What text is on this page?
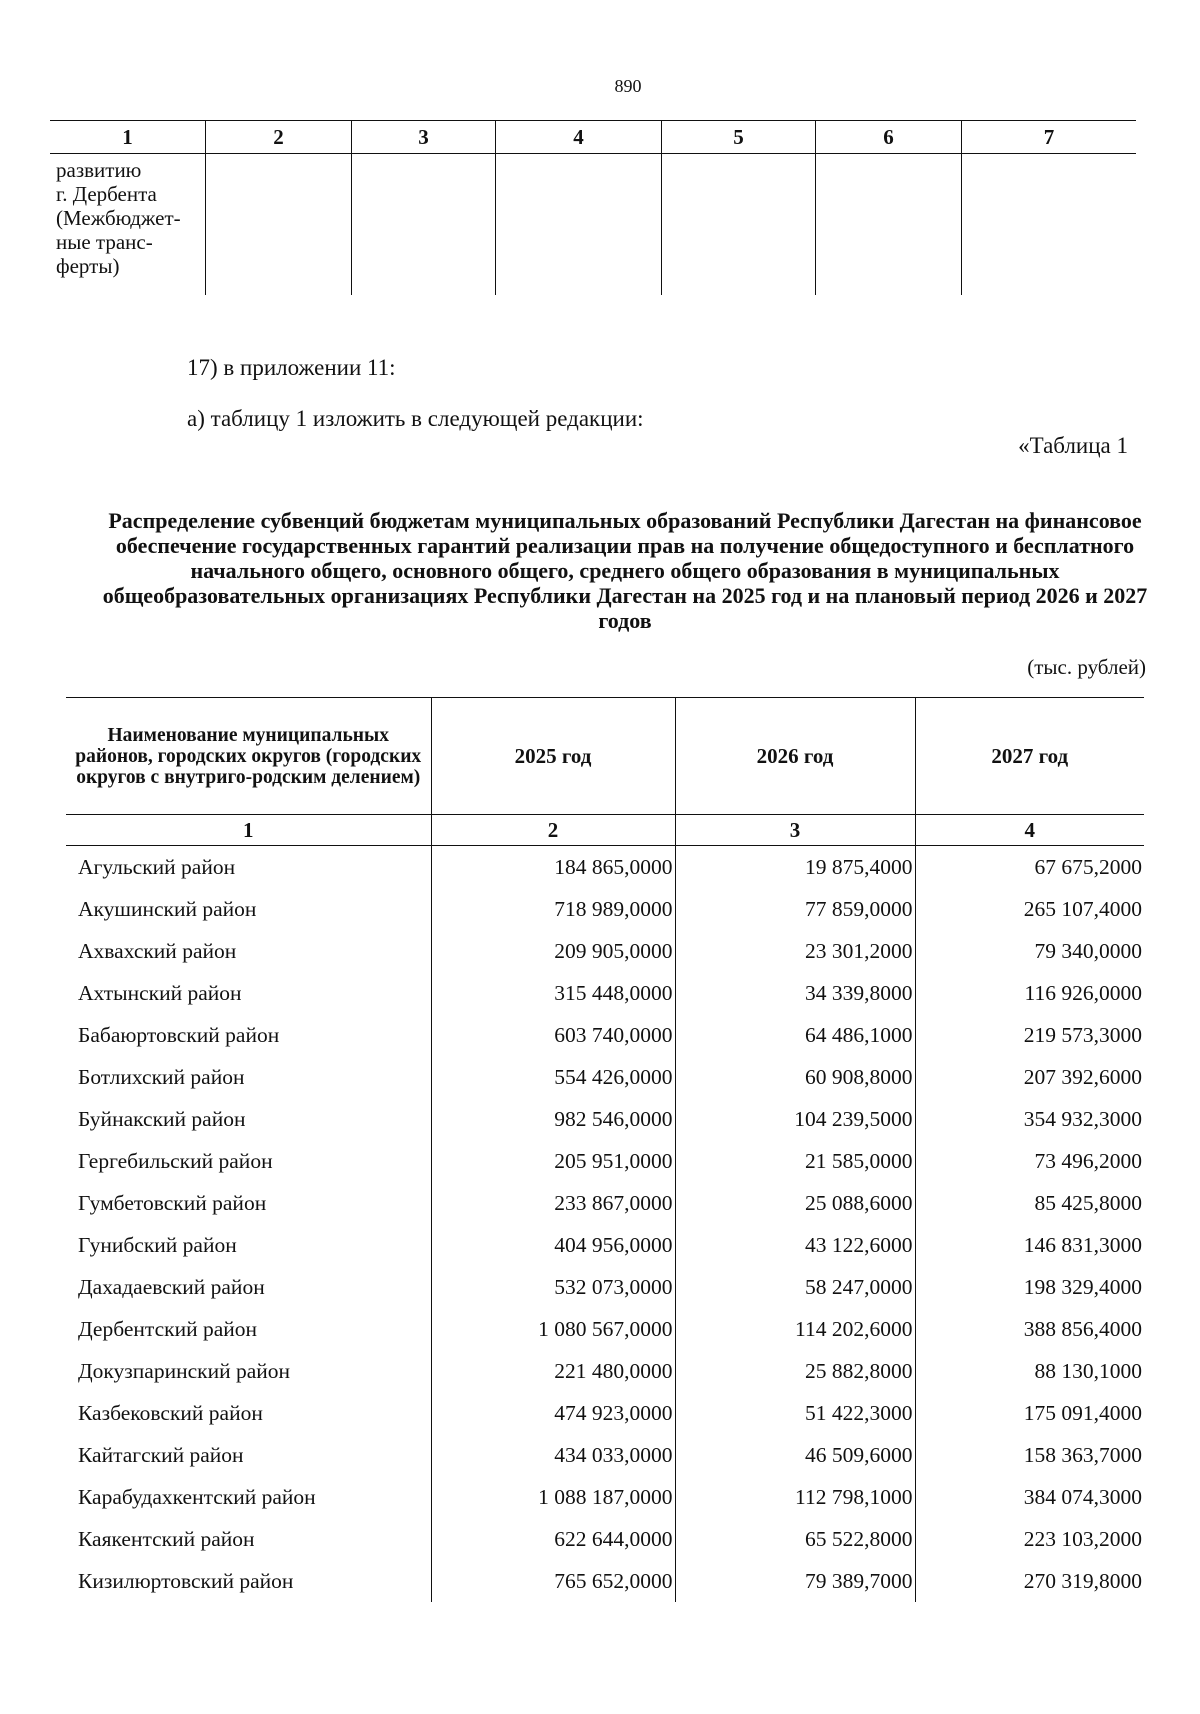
890
1	2	3	4	5	6	7

развитию
г. Дербента
(Межбюджет-
ные транс-
ферты)						

17) в приложении 11:
а) таблицу 1 изложить в следующей редакции:
«Таблица 1
Распределение субвенций бюджетам муниципальных образований Республики Дагестан на финансовое обеспечение государственных гарантий реализации прав на получение общедоступного и бесплатного начального общего, основного общего, среднего общего образования в муниципальных общеобразовательных организациях Республики Дагестан на 2025 год и на плановый период 2026 и 2027 годов
(тыс. рублей)
Наименование муниципальных районов, городских округов (городских округов с внутриго-родским делением)	2025 год	2026 год	2027 год
1	2	3	4
Агульский район	184 865,0000	19 875,4000	67 675,2000
Акушинский район	718 989,0000	77 859,0000	265 107,4000
Ахвахский район	209 905,0000	23 301,2000	79 340,0000
Ахтынский район	315 448,0000	34 339,8000	116 926,0000
Бабаюртовский район	603 740,0000	64 486,1000	219 573,3000
Ботлихский район	554 426,0000	60 908,8000	207 392,6000
Буйнакский район	982 546,0000	104 239,5000	354 932,3000
Гергебильский район	205 951,0000	21 585,0000	73 496,2000
Гумбетовский район	233 867,0000	25 088,6000	85 425,8000
Гунибский район	404 956,0000	43 122,6000	146 831,3000
Дахадаевский район	532 073,0000	58 247,0000	198 329,4000
Дербентский район	1 080 567,0000	114 202,6000	388 856,4000
Докузпаринский район	221 480,0000	25 882,8000	88 130,1000
Казбековский район	474 923,0000	51 422,3000	175 091,4000
Кайтагский район	434 033,0000	46 509,6000	158 363,7000
Карабудахкентский район	1 088 187,0000	112 798,1000	384 074,3000
Каякентский район	622 644,0000	65 522,8000	223 103,2000
Кизилюртовский район	765 652,0000	79 389,7000	270 319,8000
